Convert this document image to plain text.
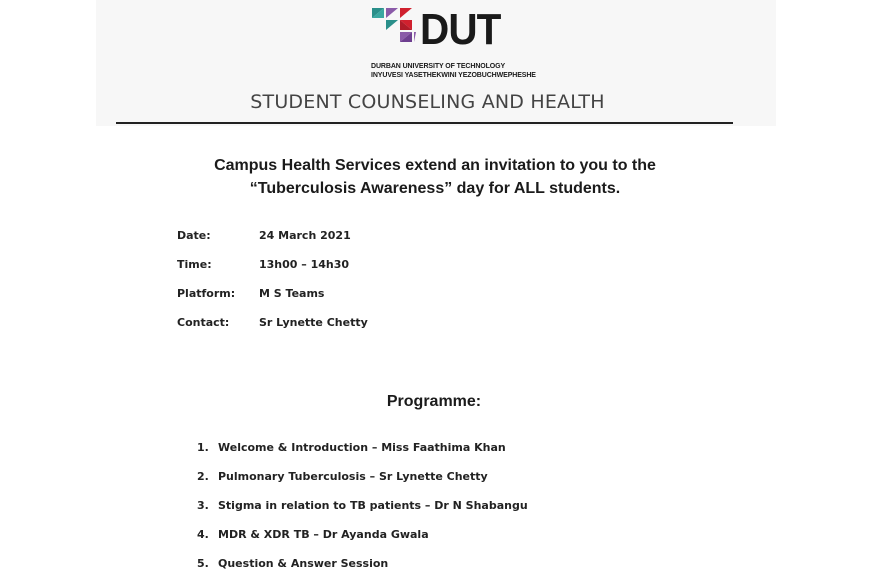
DUT
DURBAN UNIVERSITY OF TECHNOLOGY
INYUVESI YASETHEKWINI YEZOBUCHWEPHESHE
STUDENT COUNSELING AND HEALTH
Campus Health Services extend an invitation to you to the
“Tuberculosis Awareness” day for ALL students.
Date:	24 March 2021
Time:	13h00 – 14h30
Platform: M S Teams
Contact:	Sr Lynette Chetty
Programme:
1. Welcome & Introduction – Miss Faathima Khan
2. Pulmonary Tuberculosis – Sr Lynette Chetty
3. Stigma in relation to TB patients – Dr N Shabangu
4. MDR & XDR TB – Dr Ayanda Gwala
5. Question & Answer Session
